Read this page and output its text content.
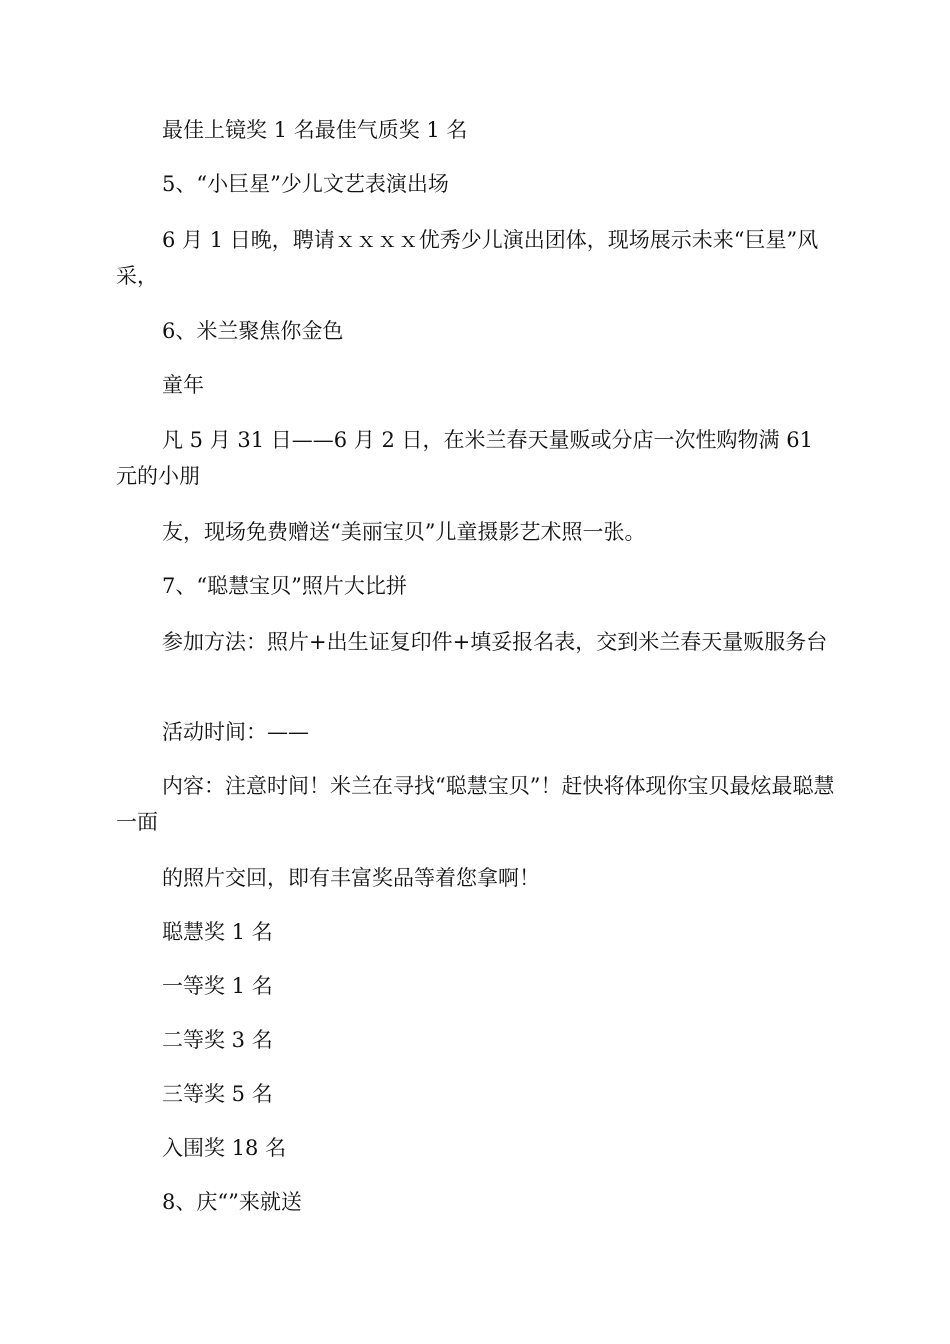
最佳上镜奖 1 名最佳气质奖 1 名

5、“小巨星”少儿文艺表演出场

6 月 1 日晚，聘请ｘｘｘｘ优秀少儿演出团体，现场展示未来“巨星”风采，

6、米兰聚焦你金色

童年

凡 5 月 31 日——6 月 2 日，在米兰春天量贩或分店一次性购物满 61 元的小朋

友，现场免费赠送“美丽宝贝”儿童摄影艺术照一张。

7、“聪慧宝贝”照片大比拼

参加方法：照片+出生证复印件+填妥报名表，交到米兰春天量贩服务台

活动时间：——

内容：注意时间！米兰在寻找“聪慧宝贝”！赶快将体现你宝贝最炫最聪慧一面

的照片交回，即有丰富奖品等着您拿啊！

聪慧奖 1 名

一等奖 1 名

二等奖 3 名

三等奖 5 名

入围奖 18 名

8、庆“”来就送
